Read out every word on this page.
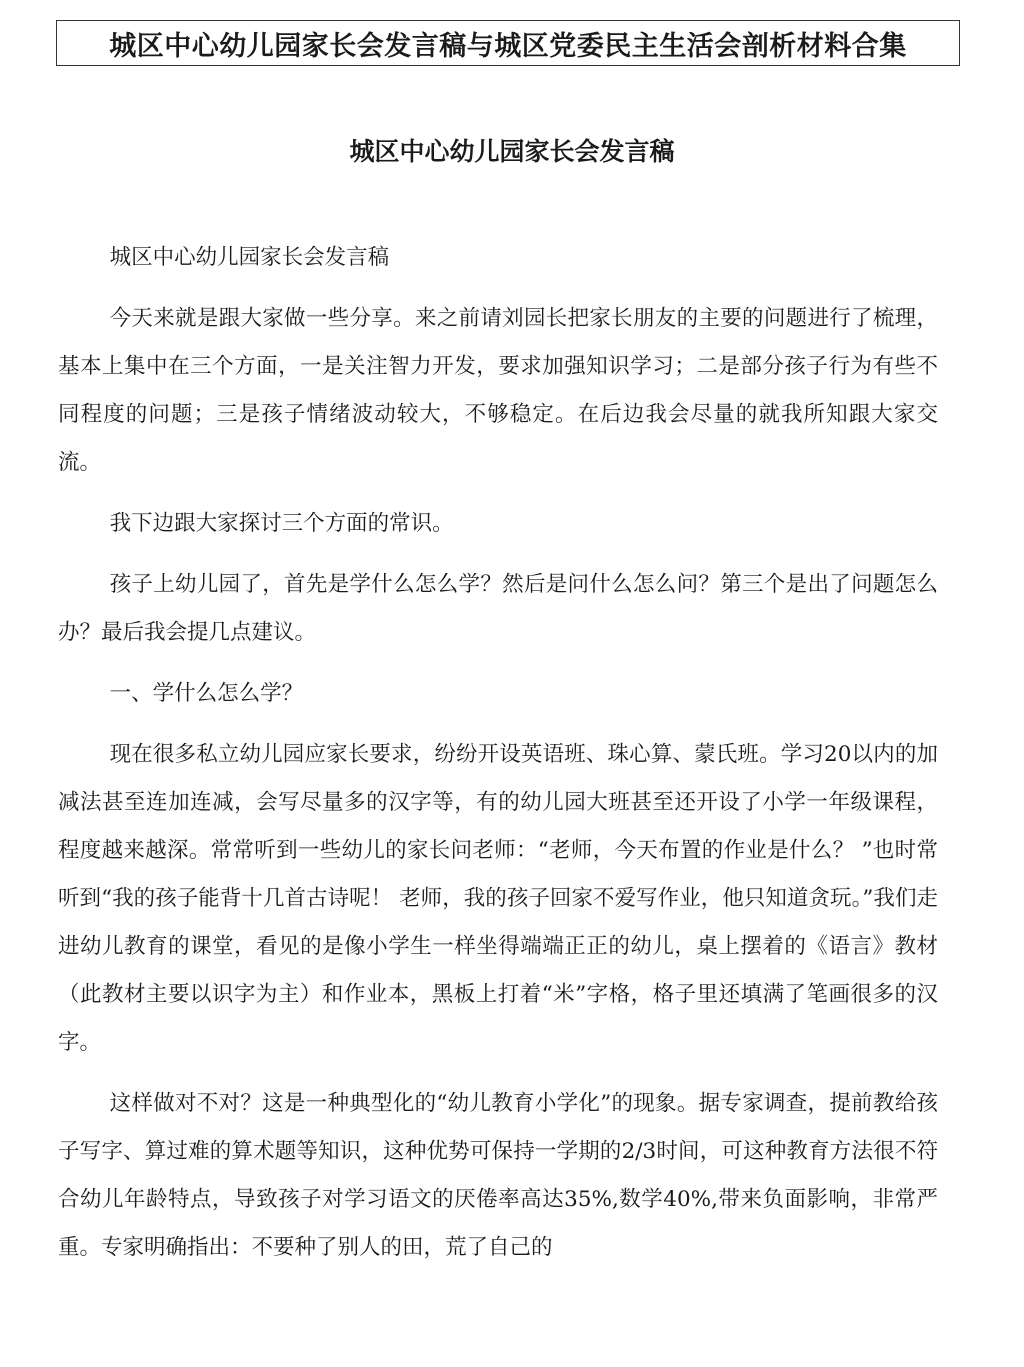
城区中心幼儿园家长会发言稿与城区党委民主生活会剖析材料合集
城区中心幼儿园家长会发言稿

城区中心幼儿园家长会发言稿

今天来就是跟大家做一些分享。来之前请刘园长把家长朋友的主要的问题进行了梳理，基本上集中在三个方面，一是关注智力开发，要求加强知识学习；二是部分孩子行为有些不同程度的问题；三是孩子情绪波动较大，不够稳定。在后边我会尽量的就我所知跟大家交流。

我下边跟大家探讨三个方面的常识。

孩子上幼儿园了，首先是学什么怎么学？然后是问什么怎么问？第三个是出了问题怎么办？最后我会提几点建议。

一、学什么怎么学？

现在很多私立幼儿园应家长要求，纷纷开设英语班、珠心算、蒙氏班。学习20以内的加减法甚至连加连减，会写尽量多的汉字等，有的幼儿园大班甚至还开设了小学一年级课程，程度越来越深。常常听到一些幼儿的家长问老师：“老师，今天布置的作业是什么？ ”也时常听到“我的孩子能背十几首古诗呢！ 老师，我的孩子回家不爱写作业，他只知道贪玩。”我们走进幼儿教育的课堂，看见的是像小学生一样坐得端端正正的幼儿，桌上摆着的《语言》教材（此教材主要以识字为主）和作业本，黑板上打着“米”字格，格子里还填满了笔画很多的汉字。

这样做对不对？这是一种典型化的“幼儿教育小学化”的现象。据专家调查，提前教给孩子写字、算过难的算术题等知识，这种优势可保持一学期的2/3时间，可这种教育方法很不符合幼儿年龄特点，导致孩子对学习语文的厌倦率高达35%,数学40%,带来负面影响，非常严重。专家明确指出：不要种了别人的田，荒了自己的
